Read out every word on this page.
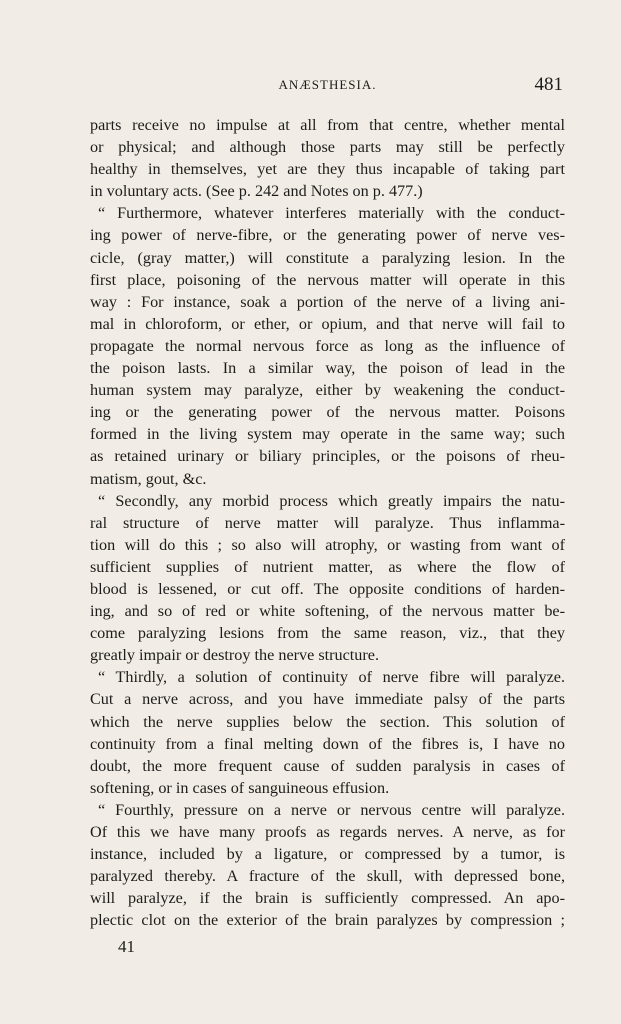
ANÆSTHESIA.	481
parts receive no impulse at all from that centre, whether mental
or physical; and although those parts may still be perfectly
healthy in themselves, yet are they thus incapable of taking part
in voluntary acts. (See p. 242 and Notes on p. 477.)
“ Furthermore, whatever interferes materially with the conduct-
ing power of nerve-fibre, or the generating power of nerve ves-
cicle, (gray matter,) will constitute a paralyzing lesion. In the
first place, poisoning of the nervous matter will operate in this
way : For instance, soak a portion of the nerve of a living ani-
mal in chloroform, or ether, or opium, and that nerve will fail to
propagate the normal nervous force as long as the influence of
the poison lasts. In a similar way, the poison of lead in the
human system may paralyze, either by weakening the conduct-
ing or the generating power of the nervous matter. Poisons
formed in the living system may operate in the same way; such
as retained urinary or biliary principles, or the poisons of rheu-
matism, gout, &c.
“ Secondly, any morbid process which greatly impairs the natu-
ral structure of nerve matter will paralyze. Thus inflamma-
tion will do this ; so also will atrophy, or wasting from want of
sufficient supplies of nutrient matter, as where the flow of
blood is lessened, or cut off. The opposite conditions of harden-
ing, and so of red or white softening, of the nervous matter be-
come paralyzing lesions from the same reason, viz., that they
greatly impair or destroy the nerve structure.
“ Thirdly, a solution of continuity of nerve fibre will paralyze.
Cut a nerve across, and you have immediate palsy of the parts
which the nerve supplies below the section. This solution of
continuity from a final melting down of the fibres is, I have no
doubt, the more frequent cause of sudden paralysis in cases of
softening, or in cases of sanguineous effusion.
“ Fourthly, pressure on a nerve or nervous centre will paralyze.
Of this we have many proofs as regards nerves. A nerve, as for
instance, included by a ligature, or compressed by a tumor, is
paralyzed thereby. A fracture of the skull, with depressed bone,
will paralyze, if the brain is sufficiently compressed. An apo-
plectic clot on the exterior of the brain paralyzes by compression ;
41
